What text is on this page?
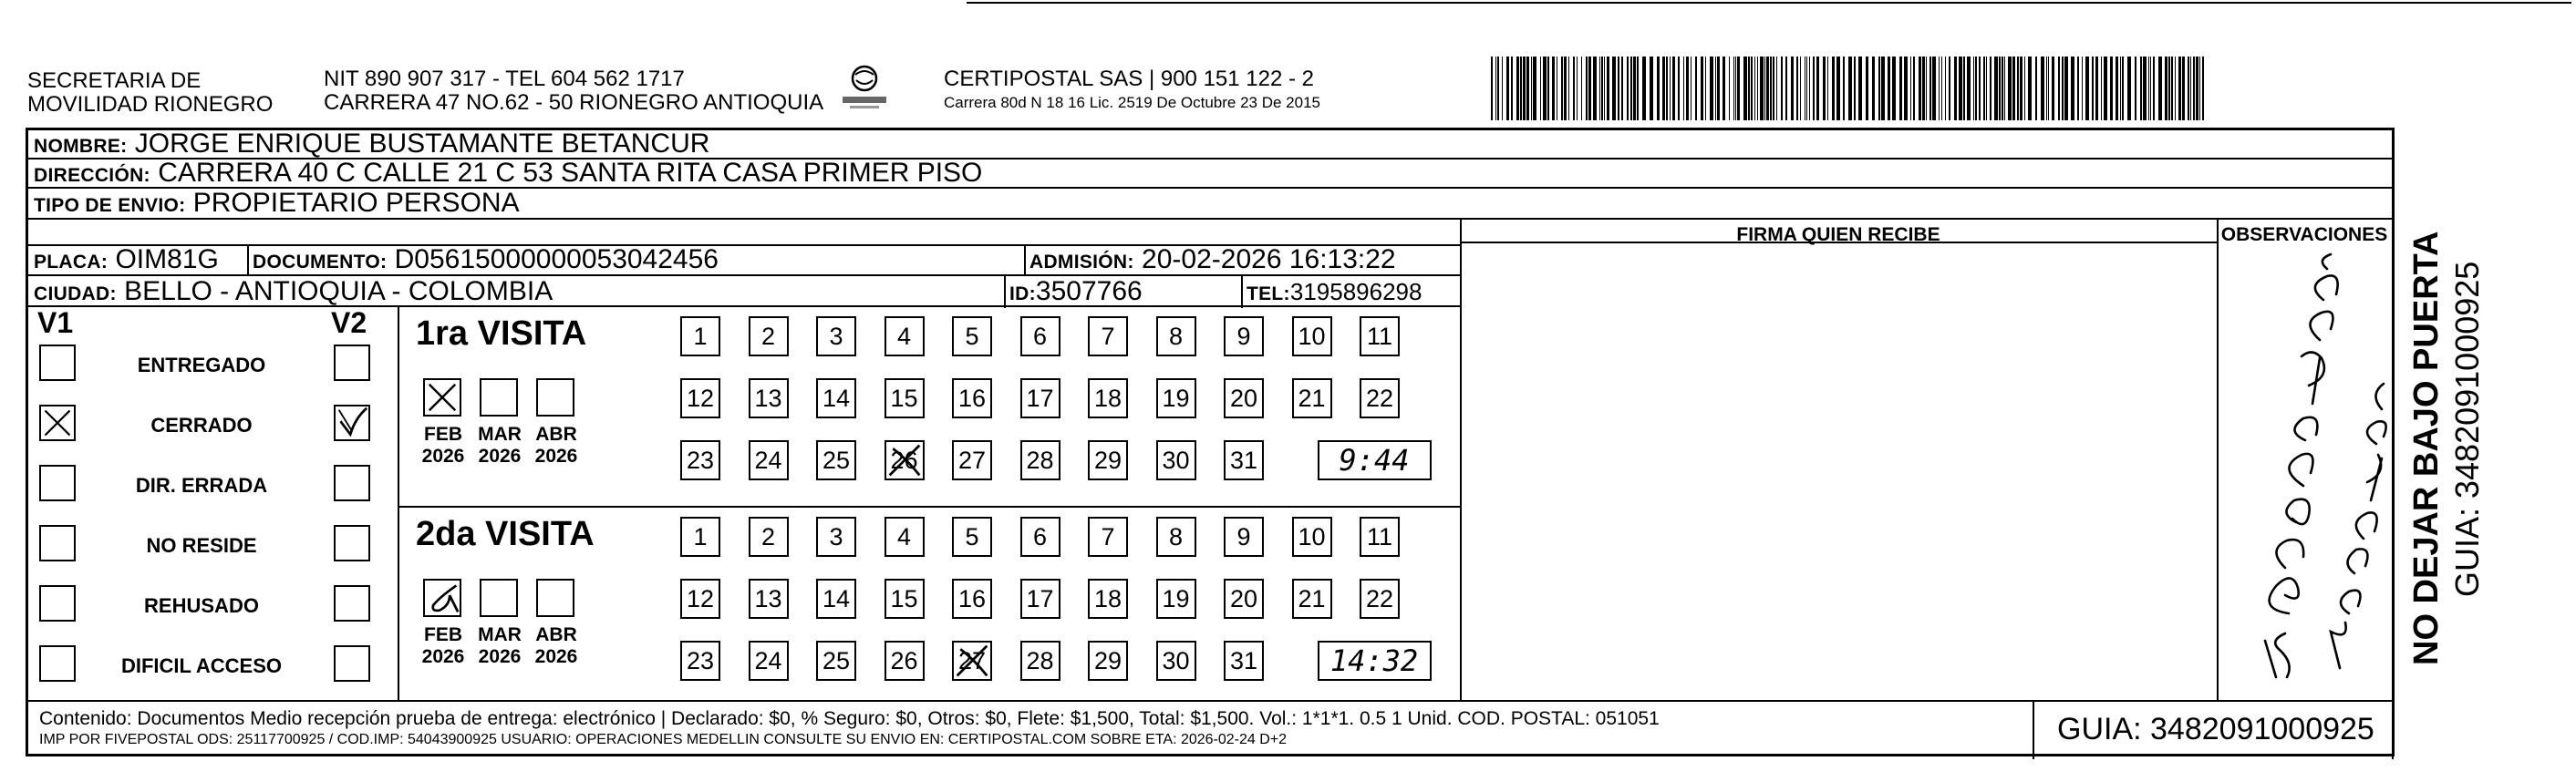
SECRETARIA DE
MOVILIDAD RIONEGRO
NIT 890 907 317 - TEL 604 562 1717
CARRERA 47 NO.62 - 50 RIONEGRO ANTIOQUIA
CERTIPOSTAL SAS | 900 151 122 - 2
Carrera 80d N 18 16 Lic. 2519 De Octubre 23 De 2015
NOMBRE: JORGE ENRIQUE BUSTAMANTE BETANCUR
DIRECCIÓN: CARRERA 40 C CALLE 21 C 53 SANTA RITA CASA PRIMER PISO
TIPO DE ENVIO: PROPIETARIO PERSONA
PLACA: OIM81G DOCUMENTO: D05615000000053042456	ADMISIÓN: 20-02-2026 16:13:22
CIUDAD: BELLO - ANTIOQUIA - COLOMBIA	ID:3507766	TEL:3195896298
FIRMA QUIEN RECIBE	OBSERVACIONES
V1	V2
ENTREGADO
CERRADO
DIR. ERRADA
NO RESIDE
REHUSADO
DIFICIL ACCESO
1ra VISITA
FEB
2026
MAR
2026
ABR
2026
1	2	3	4	5	6	7	8	9	10 11
12 13 14 15 16 17 18 19 20 21 22
23 24 25 26 27 28 29 30 31	9:44
2da VISITA
FEB
2026
MAR
2026
ABR
2026
1	2	3	4	5	6	7	8	9	10 11
12 13 14 15 16 17 18 19 20 21 22
23 24 25 26 27 28 29 30 31	14:32
Contenido: Documentos Medio recepción prueba de entrega: electrónico | Declarado: $0, % Seguro: $0, Otros: $0, Flete: $1,500, Total: $1,500. Vol.: 1*1*1. 0.5 1 Unid. COD. POSTAL: 051051
IMP POR FIVEPOSTAL ODS: 25117700925 / COD.IMP: 54043900925 USUARIO: OPERACIONES MEDELLIN CONSULTE SU ENVIO EN: CERTIPOSTAL.COM SOBRE ETA: 2026-02-24 D+2	GUIA: 3482091000925
NO DEJAR BAJO PUERTA GUIA: 3482091000925
